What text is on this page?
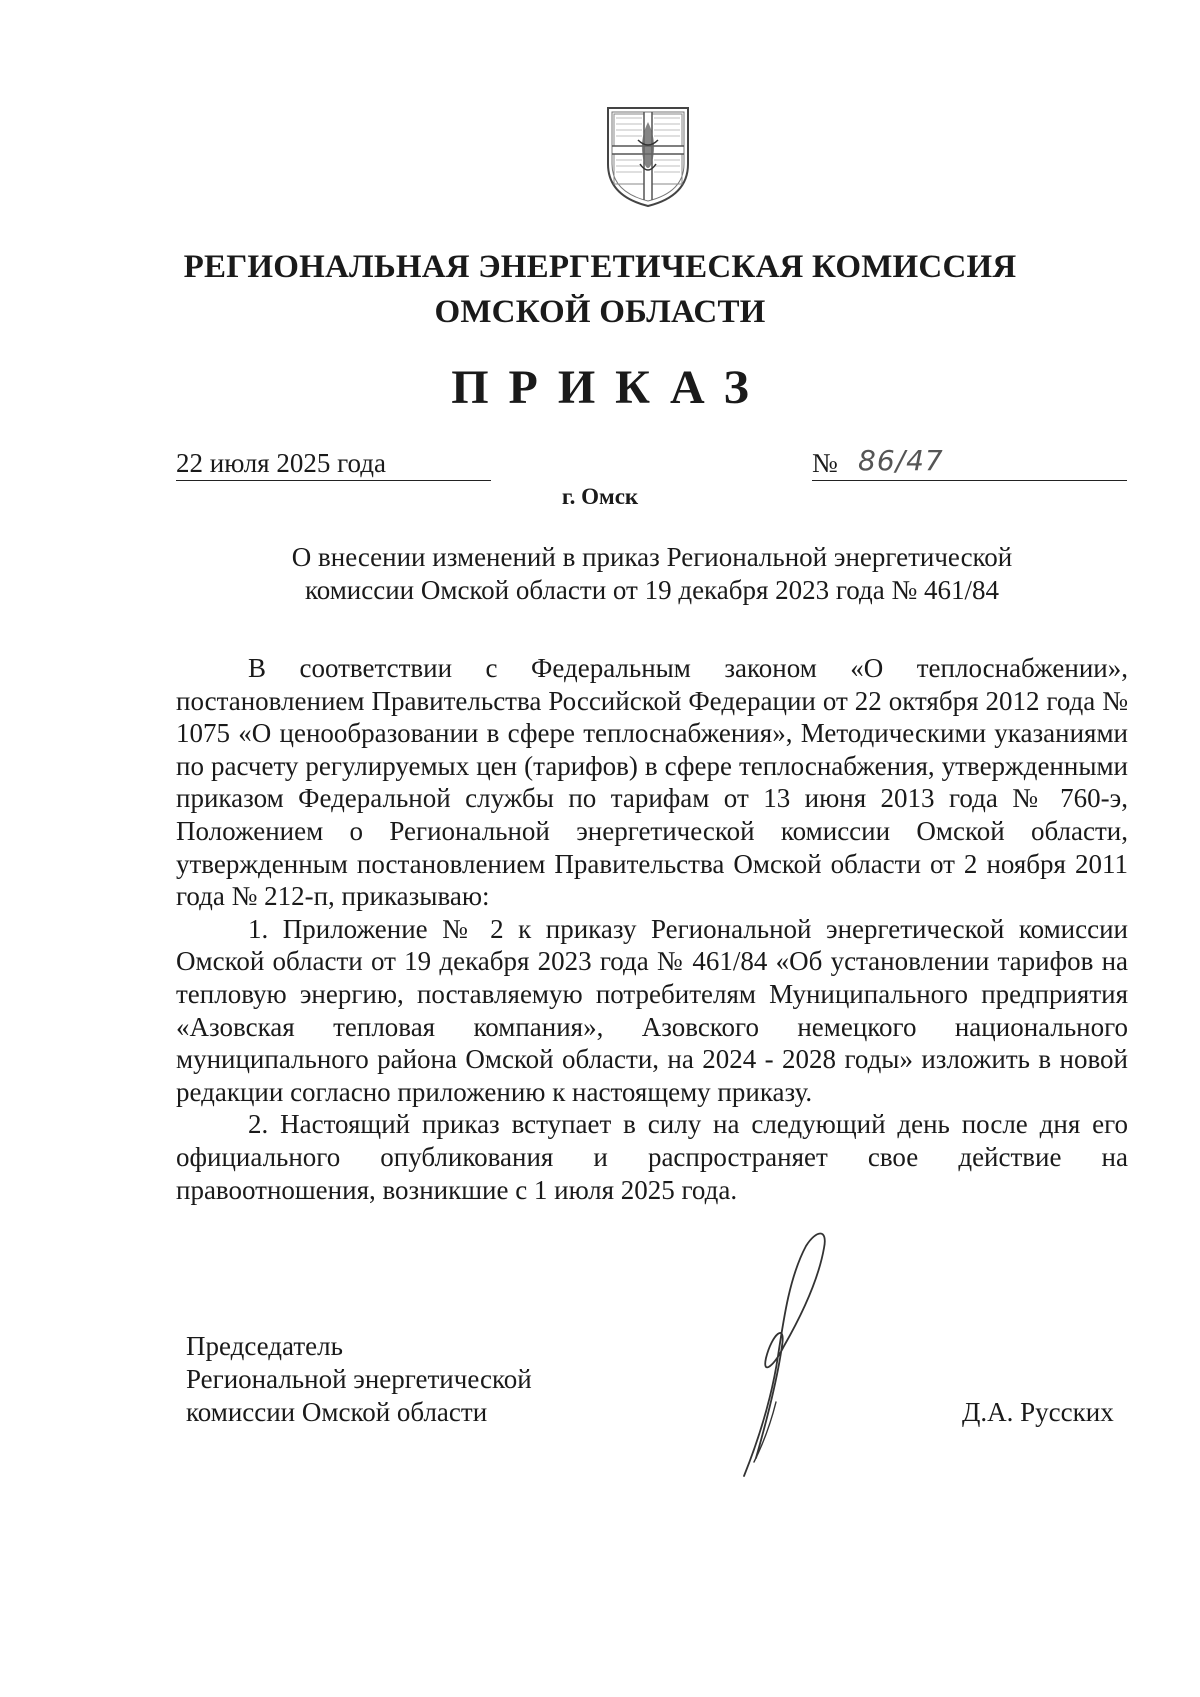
РЕГИОНАЛЬНАЯ ЭНЕРГЕТИЧЕСКАЯ КОМИССИЯ
ОМСКОЙ ОБЛАСТИ
ПРИКАЗ
22 июля 2025 года	№ 86/47
г. Омск
О внесении изменений в приказ Региональной энергетической
комиссии Омской области от 19 декабря 2023 года № 461/84

В соответствии с Федеральным законом «О теплоснабжении», постановлением Правительства Российской Федерации от 22 октября 2012 года № 1075 «О ценообразовании в сфере теплоснабжения», Методическими указаниями по расчету регулируемых цен (тарифов) в сфере теплоснабжения, утвержденными приказом Федеральной службы по тарифам от 13 июня 2013 года № 760-э, Положением о Региональной энергетической комиссии Омской области, утвержденным постановлением Правительства Омской области от 2 ноября 2011 года № 212-п, приказываю:

1. Приложение № 2 к приказу Региональной энергетической комиссии Омской области от 19 декабря 2023 года № 461/84 «Об установлении тарифов на тепловую энергию, поставляемую потребителям Муниципального предприятия «Азовская тепловая компания», Азовского немецкого национального муниципального района Омской области, на 2024 - 2028 годы» изложить в новой редакции согласно приложению к настоящему приказу.

2. Настоящий приказ вступает в силу на следующий день после дня его официального опубликования и распространяет свое действие на правоотношения, возникшие с 1 июля 2025 года.

Председатель
Региональной энергетической
комиссии Омской области	Д.А. Русских
